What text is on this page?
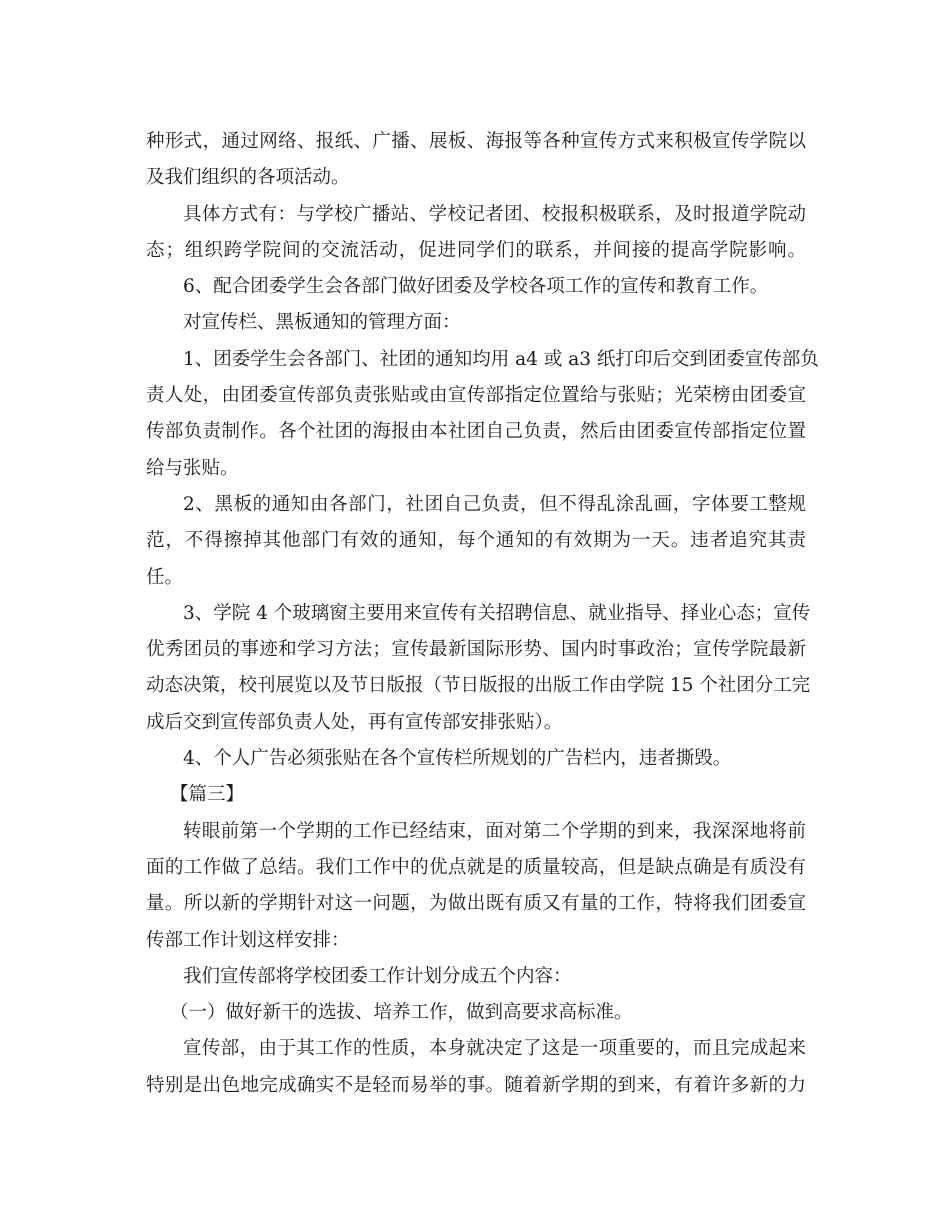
种形式，通过网络、报纸、广播、展板、海报等各种宣传方式来积极宣传学院以
及我们组织的各项活动。
具体方式有：与学校广播站、学校记者团、校报积极联系，及时报道学院动
态；组织跨学院间的交流活动，促进同学们的联系，并间接的提高学院影响。
6、配合团委学生会各部门做好团委及学校各项工作的宣传和教育工作。
对宣传栏、黑板通知的管理方面：
1、团委学生会各部门、社团的通知均用 a4 或 a3 纸打印后交到团委宣传部负
责人处，由团委宣传部负责张贴或由宣传部指定位置给与张贴；光荣榜由团委宣
传部负责制作。各个社团的海报由本社团自己负责，然后由团委宣传部指定位置
给与张贴。
2、黑板的通知由各部门，社团自己负责，但不得乱涂乱画，字体要工整规
范，不得擦掉其他部门有效的通知，每个通知的有效期为一天。违者追究其责
任。
3、学院 4 个玻璃窗主要用来宣传有关招聘信息、就业指导、择业心态；宣传
优秀团员的事迹和学习方法；宣传最新国际形势、国内时事政治；宣传学院最新
动态决策，校刊展览以及节日版报（节日版报的出版工作由学院 15 个社团分工完
成后交到宣传部负责人处，再有宣传部安排张贴）。
4、个人广告必须张贴在各个宣传栏所规划的广告栏内，违者撕毁。
【篇三】
转眼前第一个学期的工作已经结束，面对第二个学期的到来，我深深地将前
面的工作做了总结。我们工作中的优点就是的质量较高，但是缺点确是有质没有
量。所以新的学期针对这一问题，为做出既有质又有量的工作，特将我们团委宣
传部工作计划这样安排：
我们宣传部将学校团委工作计划分成五个内容：
（一）做好新干的选拔、培养工作，做到高要求高标准。
宣传部，由于其工作的性质，本身就决定了这是一项重要的，而且完成起来
特别是出色地完成确实不是轻而易举的事。随着新学期的到来，有着许多新的力
